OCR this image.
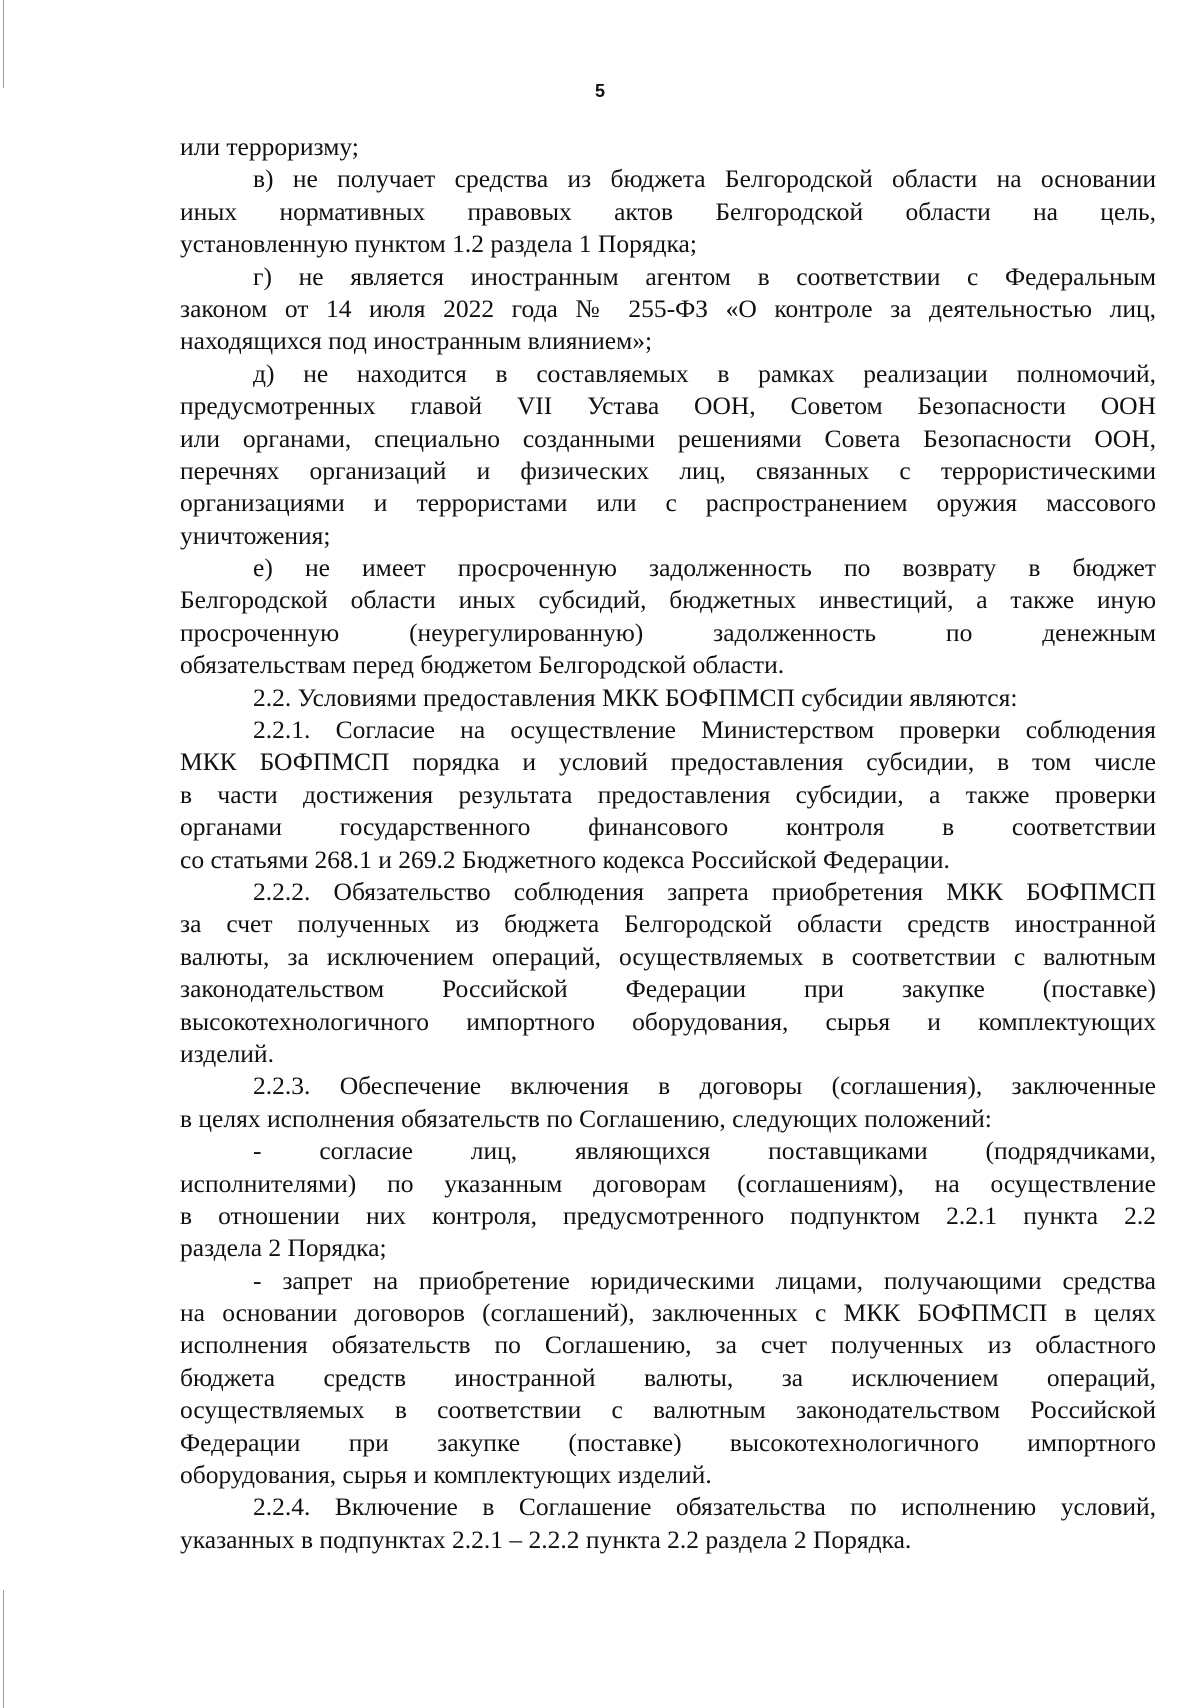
5
или терроризму;
в) не получает средства из бюджета Белгородской области на основании
иных нормативных правовых актов Белгородской области на цель,
установленную пунктом 1.2 раздела 1 Порядка;
г) не является иностранным агентом в соответствии с Федеральным
законом от 14 июля 2022 года № 255-ФЗ «О контроле за деятельностью лиц,
находящихся под иностранным влиянием»;
д) не находится в составляемых в рамках реализации полномочий,
предусмотренных главой VII Устава ООН, Советом Безопасности ООН
или органами, специально созданными решениями Совета Безопасности ООН,
перечнях организаций и физических лиц, связанных с террористическими
организациями и террористами или с распространением оружия массового
уничтожения;
е) не имеет просроченную задолженность по возврату в бюджет
Белгородской области иных субсидий, бюджетных инвестиций, а также иную
просроченную (неурегулированную) задолженность по денежным
обязательствам перед бюджетом Белгородской области.
2.2. Условиями предоставления МКК БОФПМСП субсидии являются:
2.2.1. Согласие на осуществление Министерством проверки соблюдения
МКК БОФПМСП порядка и условий предоставления субсидии, в том числе
в части достижения результата предоставления субсидии, а также проверки
органами государственного финансового контроля в соответствии
со статьями 268.1 и 269.2 Бюджетного кодекса Российской Федерации.
2.2.2. Обязательство соблюдения запрета приобретения МКК БОФПМСП
за счет полученных из бюджета Белгородской области средств иностранной
валюты, за исключением операций, осуществляемых в соответствии с валютным
законодательством Российской Федерации при закупке (поставке)
высокотехнологичного импортного оборудования, сырья и комплектующих
изделий.
2.2.3. Обеспечение включения в договоры (соглашения), заключенные
в целях исполнения обязательств по Соглашению, следующих положений:
- согласие лиц, являющихся поставщиками (подрядчиками,
исполнителями) по указанным договорам (соглашениям), на осуществление
в отношении них контроля, предусмотренного подпунктом 2.2.1 пункта 2.2
раздела 2 Порядка;
- запрет на приобретение юридическими лицами, получающими средства
на основании договоров (соглашений), заключенных с МКК БОФПМСП в целях
исполнения обязательств по Соглашению, за счет полученных из областного
бюджета средств иностранной валюты, за исключением операций,
осуществляемых в соответствии с валютным законодательством Российской
Федерации при закупке (поставке) высокотехнологичного импортного
оборудования, сырья и комплектующих изделий.
2.2.4. Включение в Соглашение обязательства по исполнению условий,
указанных в подпунктах 2.2.1 – 2.2.2 пункта 2.2 раздела 2 Порядка.
